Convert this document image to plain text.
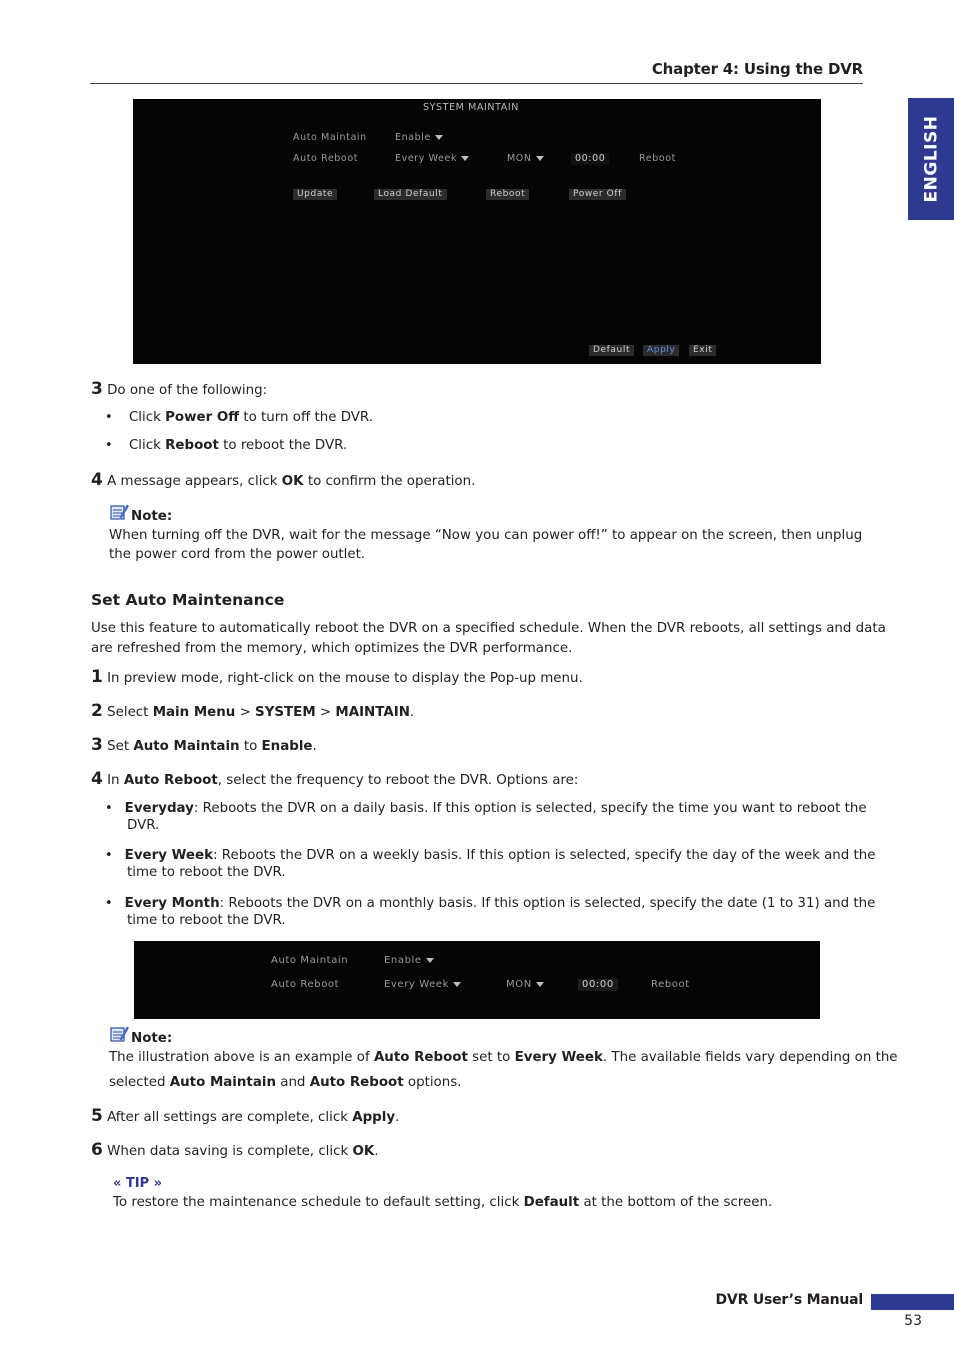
Chapter 4: Using the DVR
ENGLISH
SYSTEM MAINTAIN
Auto Maintain	Enable
Auto Reboot	Every Week	MON	00:00	Reboot
Update	Load Default	Reboot	Power Off
Default	Apply	Exit
3 Do one of the following:
• Click Power Off to turn off the DVR.
• Click Reboot to reboot the DVR.
4 A message appears, click OK to confirm the operation.
Note:
When turning off the DVR, wait for the message “Now you can power off!” to appear on the screen, then unplug
the power cord from the power outlet.
Set Auto Maintenance
Use this feature to automatically reboot the DVR on a specified schedule. When the DVR reboots, all settings and data
are refreshed from the memory, which optimizes the DVR performance.
1 In preview mode, right-click on the mouse to display the Pop-up menu.
2 Select Main Menu > SYSTEM > MAINTAIN.
3 Set Auto Maintain to Enable.
4 In Auto Reboot, select the frequency to reboot the DVR. Options are:
• Everyday: Reboots the DVR on a daily basis. If this option is selected, specify the time you want to reboot the
DVR.
• Every Week: Reboots the DVR on a weekly basis. If this option is selected, specify the day of the week and the
time to reboot the DVR.
• Every Month: Reboots the DVR on a monthly basis. If this option is selected, specify the date (1 to 31) and the
time to reboot the DVR.
Auto Maintain	Enable
Auto Reboot	Every Week	MON	00:00	Reboot
Note:
The illustration above is an example of Auto Reboot set to Every Week. The available fields vary depending on the
selected Auto Maintain and Auto Reboot options.
5 After all settings are complete, click Apply.
6 When data saving is complete, click OK.
« TIP »
To restore the maintenance schedule to default setting, click Default at the bottom of the screen.
DVR User’s Manual
53
